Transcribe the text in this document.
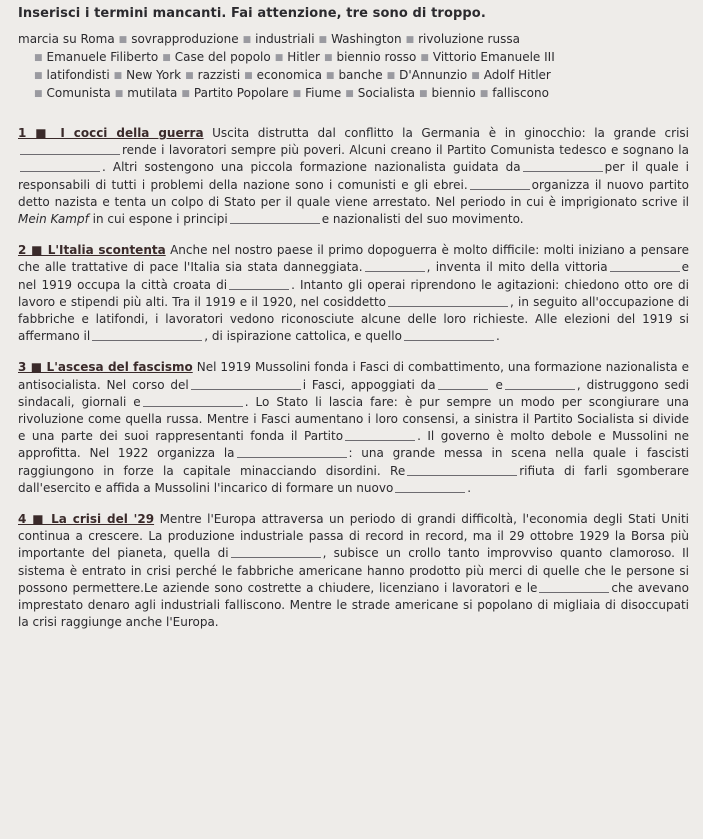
Inserisci i termini mancanti. Fai attenzione, tre sono di troppo.
marcia su Roma ■ sovrapproduzione ■ industriali ■ Washington ■ rivoluzione russa
■ Emanuele Filiberto ■ Case del popolo ■ Hitler ■ biennio rosso ■ Vittorio Emanuele III
■ latifondisti ■ New York ■ razzisti ■ economica ■ banche ■ D'Annunzio ■ Adolf Hitler
■ Comunista ■ mutilata ■ Partito Popolare ■ Fiume ■ Socialista ■ biennio ■ falliscono

1 ■ I cocci della guerra Uscita distrutta dal conflitto la Germania è in ginocchio: la grande crisirende i lavoratori sempre più poveri. Alcuni creano il Partito Comunista tedesco e sognano la. Altri sostengono una piccola formazione nazionalista guidata da	per il quale i responsabili di tutti i problemi della nazione sono i comunisti e gli ebrei.	organizza il nuovo partito detto nazista e tenta un colpo di Stato per il quale viene arrestato. Nel periodo in cui è imprigionato scrive il Mein Kampf in cui espone i principi	e nazionalisti del suo movimento.

2 ■ L'Italia scontenta Anche nel nostro paese il primo dopoguerra è molto difficile: molti iniziano a pensare che alle trattative di pace l'Italia sia stata danneggiata.	, inventa il mito della vittoria	e nel 1919 occupa la città croata di	. Intanto gli operai riprendono le agitazioni: chiedono otto ore di lavoro e stipendi più alti. Tra il 1919 e il 1920, nel cosiddetto	, in seguito all'occupazione di fabbriche e latifondi, i lavoratori vedono riconosciute alcune delle loro richieste. Alle elezioni del 1919 si affermano il	, di ispirazione cattolica, e quello	.

3 ■ L'ascesa del fascismo Nel 1919 Mussolini fonda i Fasci di combattimento, una formazione nazionalista e antisocialista. Nel corso del	i Fasci, appoggiati da	e	, distruggono sedi sindacali, giornali e	. Lo Stato li lascia fare: è pur sempre un modo per scongiurare una rivoluzione come quella russa. Mentre i Fasci aumentano i loro consensi, a sinistra il Partito Socialista si divide e una parte dei suoi rappresentanti fonda il Partito	. Il governo è molto debole e Mussolini ne approfitta. Nel 1922 organizza la	: una grande messa in scena nella quale i fascisti raggiungono in forze la capitale minacciando disordini. Re	rifiuta di farli sgomberare dall'esercito e affida a Mussolini l'incarico di formare un nuovo	.

4 ■ La crisi del '29 Mentre l'Europa attraversa un periodo di grandi difficoltà, l'economia degli Stati Uniti continua a crescere. La produzione industriale passa di record in record, ma il 29 ottobre 1929 la Borsa più importante del pianeta, quella di	, subisce un crollo tanto improvviso quanto clamoroso. Il sistema è entrato in crisi perché le fabbriche americane hanno prodotto più merci di quelle che le persone si possono permettere.Le aziende sono costrette a chiudere, licenziano i lavoratori e le	che avevano imprestato denaro agli industriali falliscono. Mentre le strade americane si popolano di migliaia di disoccupati la crisi raggiunge anche l'Europa.
